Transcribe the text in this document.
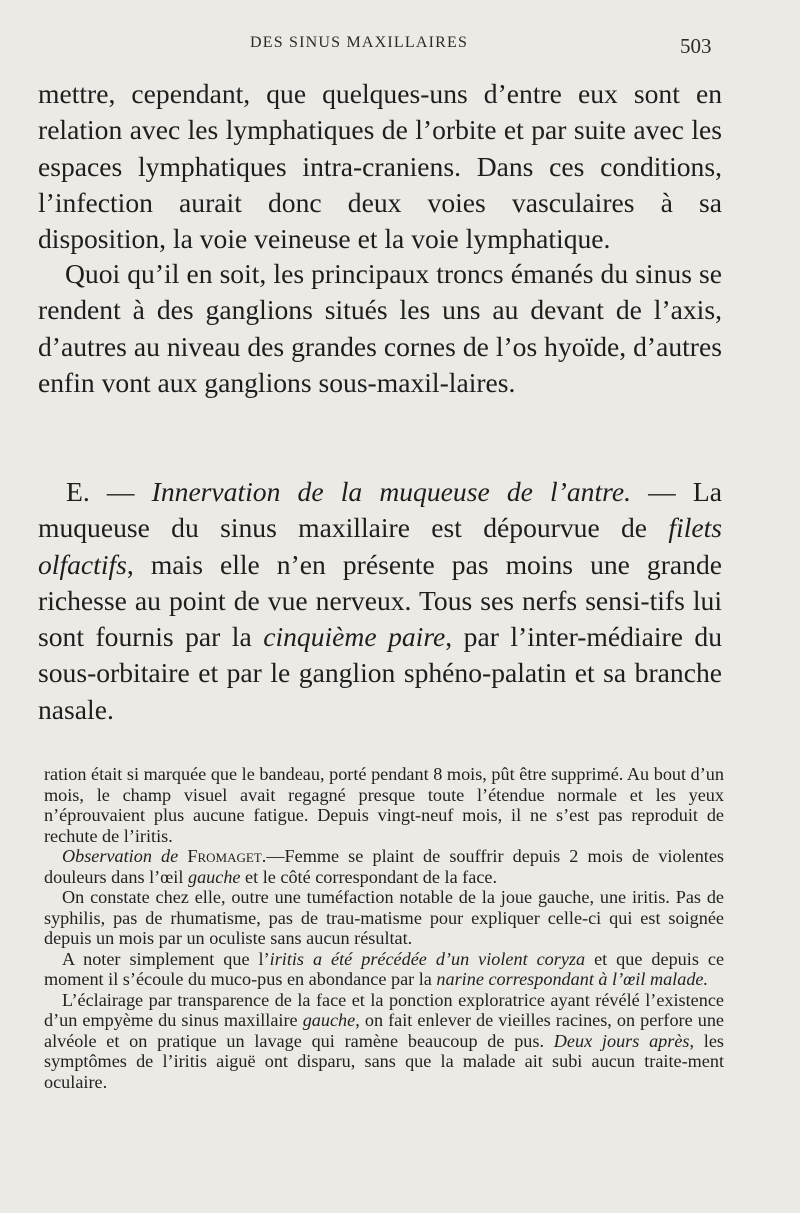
DES SINUS MAXILLAIRES	503

mettre, cependant, que quelques-uns d’entre eux sont en relation avec les lymphatiques de l’orbite et par suite avec les espaces lymphatiques intra-craniens. Dans ces conditions, l’infection aurait donc deux voies vasculaires à sa disposition, la voie veineuse et la voie lymphatique.

Quoi qu’il en soit, les principaux troncs émanés du sinus se rendent à des ganglions situés les uns au devant de l’axis, d’autres au niveau des grandes cornes de l’os hyoïde, d’autres enfin vont aux ganglions sous-maxil-laires.

E. — Innervation de la muqueuse de l’antre. — La muqueuse du sinus maxillaire est dépourvue de filets olfactifs, mais elle n’en présente pas moins une grande richesse au point de vue nerveux. Tous ses nerfs sensi-tifs lui sont fournis par la cinquième paire, par l’inter-médiaire du sous-orbitaire et par le ganglion sphéno-palatin et sa branche nasale.

ration était si marquée que le bandeau, porté pendant 8 mois, pût être supprimé. Au bout d’un mois, le champ visuel avait regagné presque toute l’étendue normale et les yeux n’éprouvaient plus aucune fatigue. Depuis vingt-neuf mois, il ne s’est pas reproduit de rechute de l’iritis.

Observation de Fromaget.—Femme se plaint de souffrir depuis 2 mois de violentes douleurs dans l’œil gauche et le côté correspondant de la face.

On constate chez elle, outre une tuméfaction notable de la joue gauche, une iritis. Pas de syphilis, pas de rhumatisme, pas de trau-matisme pour expliquer celle-ci qui est soignée depuis un mois par un oculiste sans aucun résultat.

A noter simplement que l’iritis a été précédée d’un violent coryza et que depuis ce moment il s’écoule du muco-pus en abondance par la narine correspondant à l’œil malade.

L’éclairage par transparence de la face et la ponction exploratrice ayant révélé l’existence d’un empyème du sinus maxillaire gauche, on fait enlever de vieilles racines, on perfore une alvéole et on pratique un lavage qui ramène beaucoup de pus. Deux jours après, les symptômes de l’iritis aiguë ont disparu, sans que la malade ait subi aucun traite-ment oculaire.
